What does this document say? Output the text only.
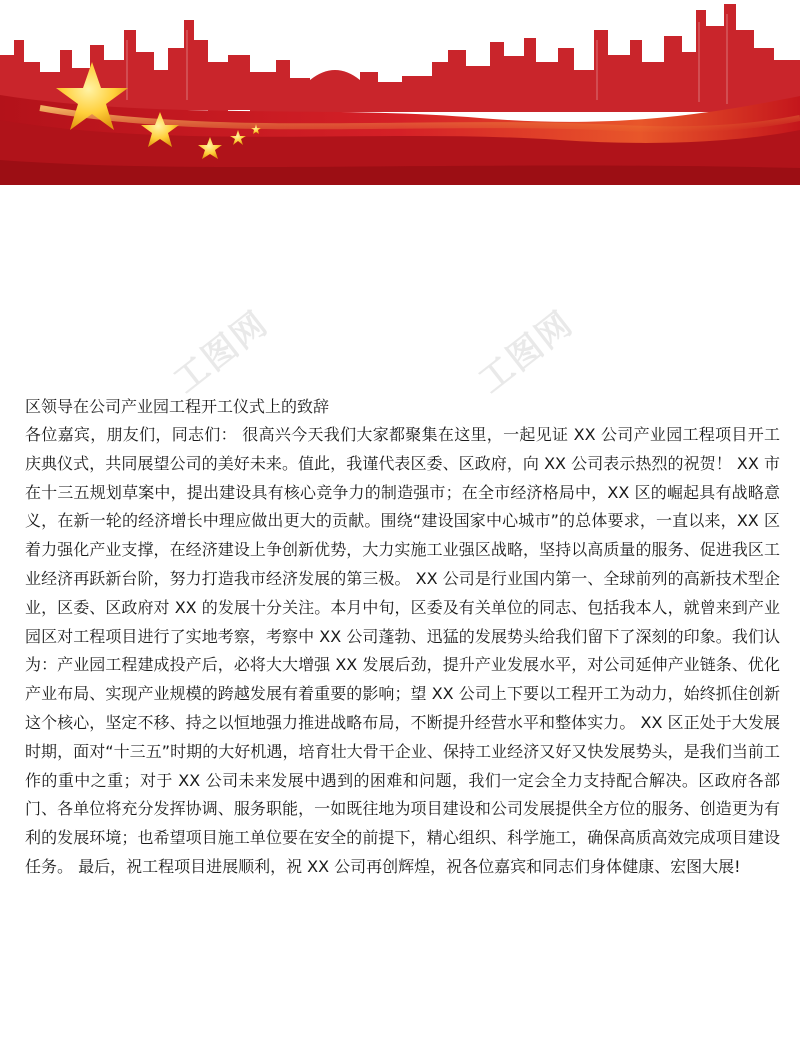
工图网	工图网
区领导在公司产业园工程开工仪式上的致辞

各位嘉宾，朋友们，同志们： 很高兴今天我们大家都聚集在这里，一起见证 XX 公司产业园工程项目开工庆典仪式，共同展望公司的美好未来。值此，我谨代表区委、区政府，向 XX 公司表示热烈的祝贺！ XX 市在十三五规划草案中，提出建设具有核心竞争力的制造强市；在全市经济格局中，XX 区的崛起具有战略意义，在新一轮的经济增长中理应做出更大的贡献。围绕“建设国家中心城市”的总体要求，一直以来，XX 区着力强化产业支撑，在经济建设上争创新优势，大力实施工业强区战略，坚持以高质量的服务、促进我区工业经济再跃新台阶，努力打造我市经济发展的第三极。 XX 公司是行业国内第一、全球前列的高新技术型企业，区委、区政府对 XX 的发展十分关注。本月中旬，区委及有关单位的同志、包括我本人，就曾来到产业园区对工程项目进行了实地考察，考察中 XX 公司蓬勃、迅猛的发展势头给我们留下了深刻的印象。我们认为：产业园工程建成投产后，必将大大增强 XX 发展后劲，提升产业发展水平，对公司延伸产业链条、优化产业布局、实现产业规模的跨越发展有着重要的影响；望 XX 公司上下要以工程开工为动力，始终抓住创新这个核心，坚定不移、持之以恒地强力推进战略布局，不断提升经营水平和整体实力。 XX 区正处于大发展时期，面对“十三五”时期的大好机遇，培育壮大骨干企业、保持工业经济又好又快发展势头，是我们当前工作的重中之重；对于 XX 公司未来发展中遇到的困难和问题，我们一定会全力支持配合解决。区政府各部门、各单位将充分发挥协调、服务职能，一如既往地为项目建设和公司发展提供全方位的服务、创造更为有利的发展环境；也希望项目施工单位要在安全的前提下，精心组织、科学施工，确保高质高效完成项目建设任务。 最后，祝工程项目进展顺利，祝 XX 公司再创辉煌，祝各位嘉宾和同志们身体健康、宏图大展!
